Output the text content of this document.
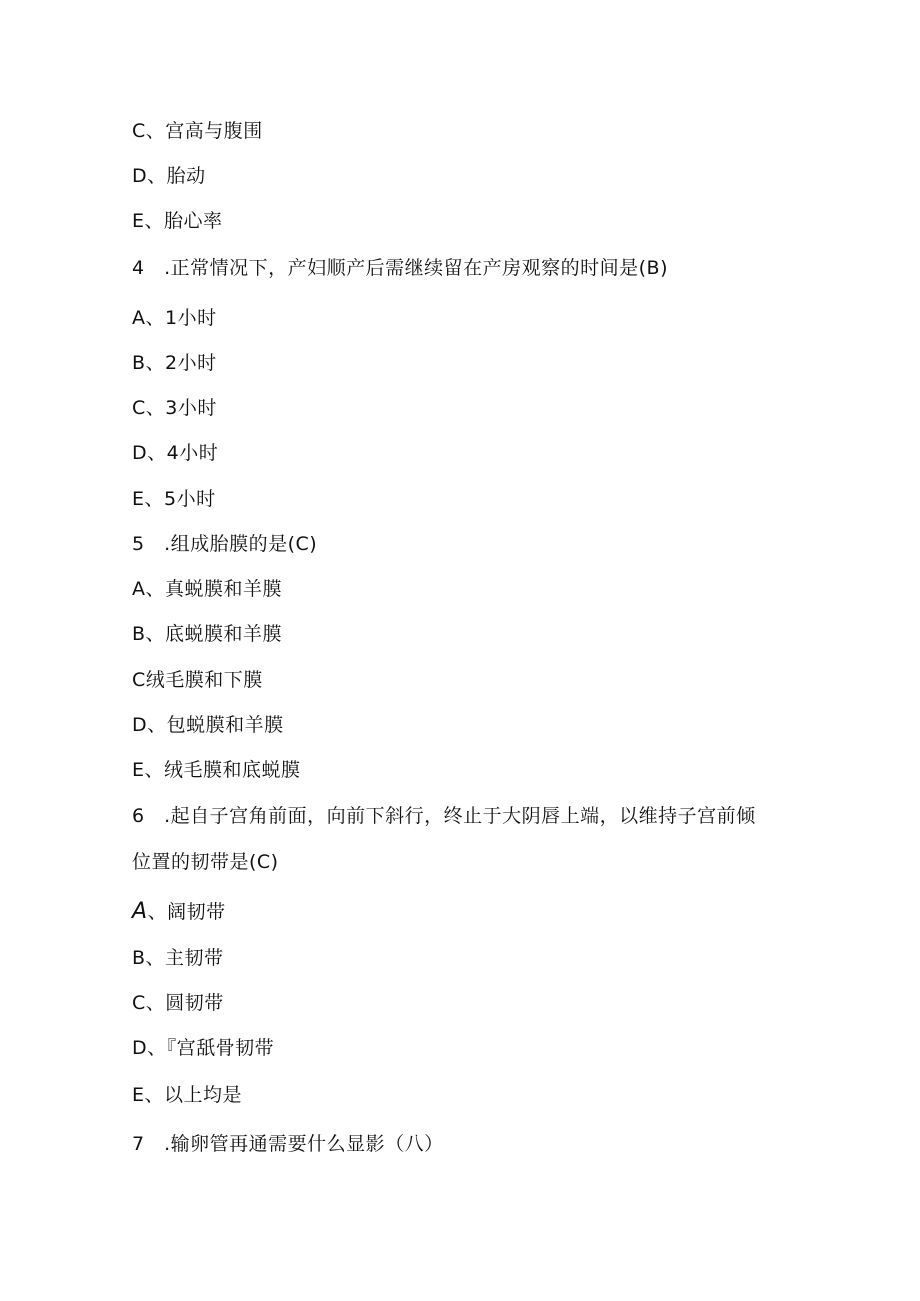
C、宫高与腹围
D、胎动
E、胎心率
4　.正常情况下，产妇顺产后需继续留在产房观察的时间是(B)
A、1小时
B、2小时
C、3小时
D、4小时
E、5小时
5　.组成胎膜的是(C)
A、真蜕膜和羊膜
B、底蜕膜和羊膜
C绒毛膜和下膜
D、包蜕膜和羊膜
E、绒毛膜和底蜕膜
6　.起自子宫角前面，向前下斜行，终止于大阴唇上端，以维持子宫前倾
位置的韧带是(C)
A、阔韧带
B、主韧带
C、圆韧带
D、『宫舐骨韧带
E、以上均是
7　.输卵管再通需要什么显影（八）
